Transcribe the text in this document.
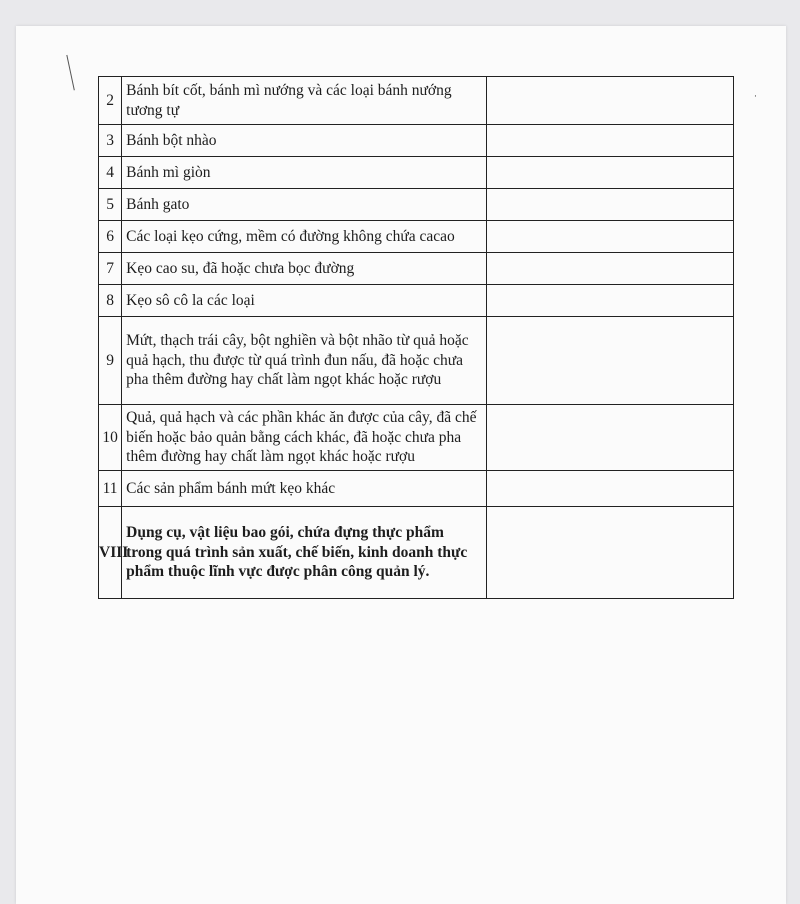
·
2	Bánh bít cốt, bánh mì nướng và các loại bánh nướng tương tự	
3	Bánh bột nhào	
4	Bánh mì giòn	
5	Bánh gato	
6	Các loại kẹo cứng, mềm có đường không chứa cacao	
7	Kẹo cao su, đã hoặc chưa bọc đường	
8	Kẹo sô cô la các loại	
9	Mứt, thạch trái cây, bột nghiền và bột nhão từ quả hoặc quả hạch, thu được từ quá trình đun nấu, đã hoặc chưa pha thêm đường hay chất làm ngọt khác hoặc rượu	
10	Quả, quả hạch và các phần khác ăn được của cây, đã chế biến hoặc bảo quản bằng cách khác, đã hoặc chưa pha thêm đường hay chất làm ngọt khác hoặc rượu	
11	Các sản phẩm bánh mứt kẹo khác	
VIII	Dụng cụ, vật liệu bao gói, chứa đựng thực phẩm trong quá trình sản xuất, chế biến, kinh doanh thực phẩm thuộc lĩnh vực được phân công quản lý.	
